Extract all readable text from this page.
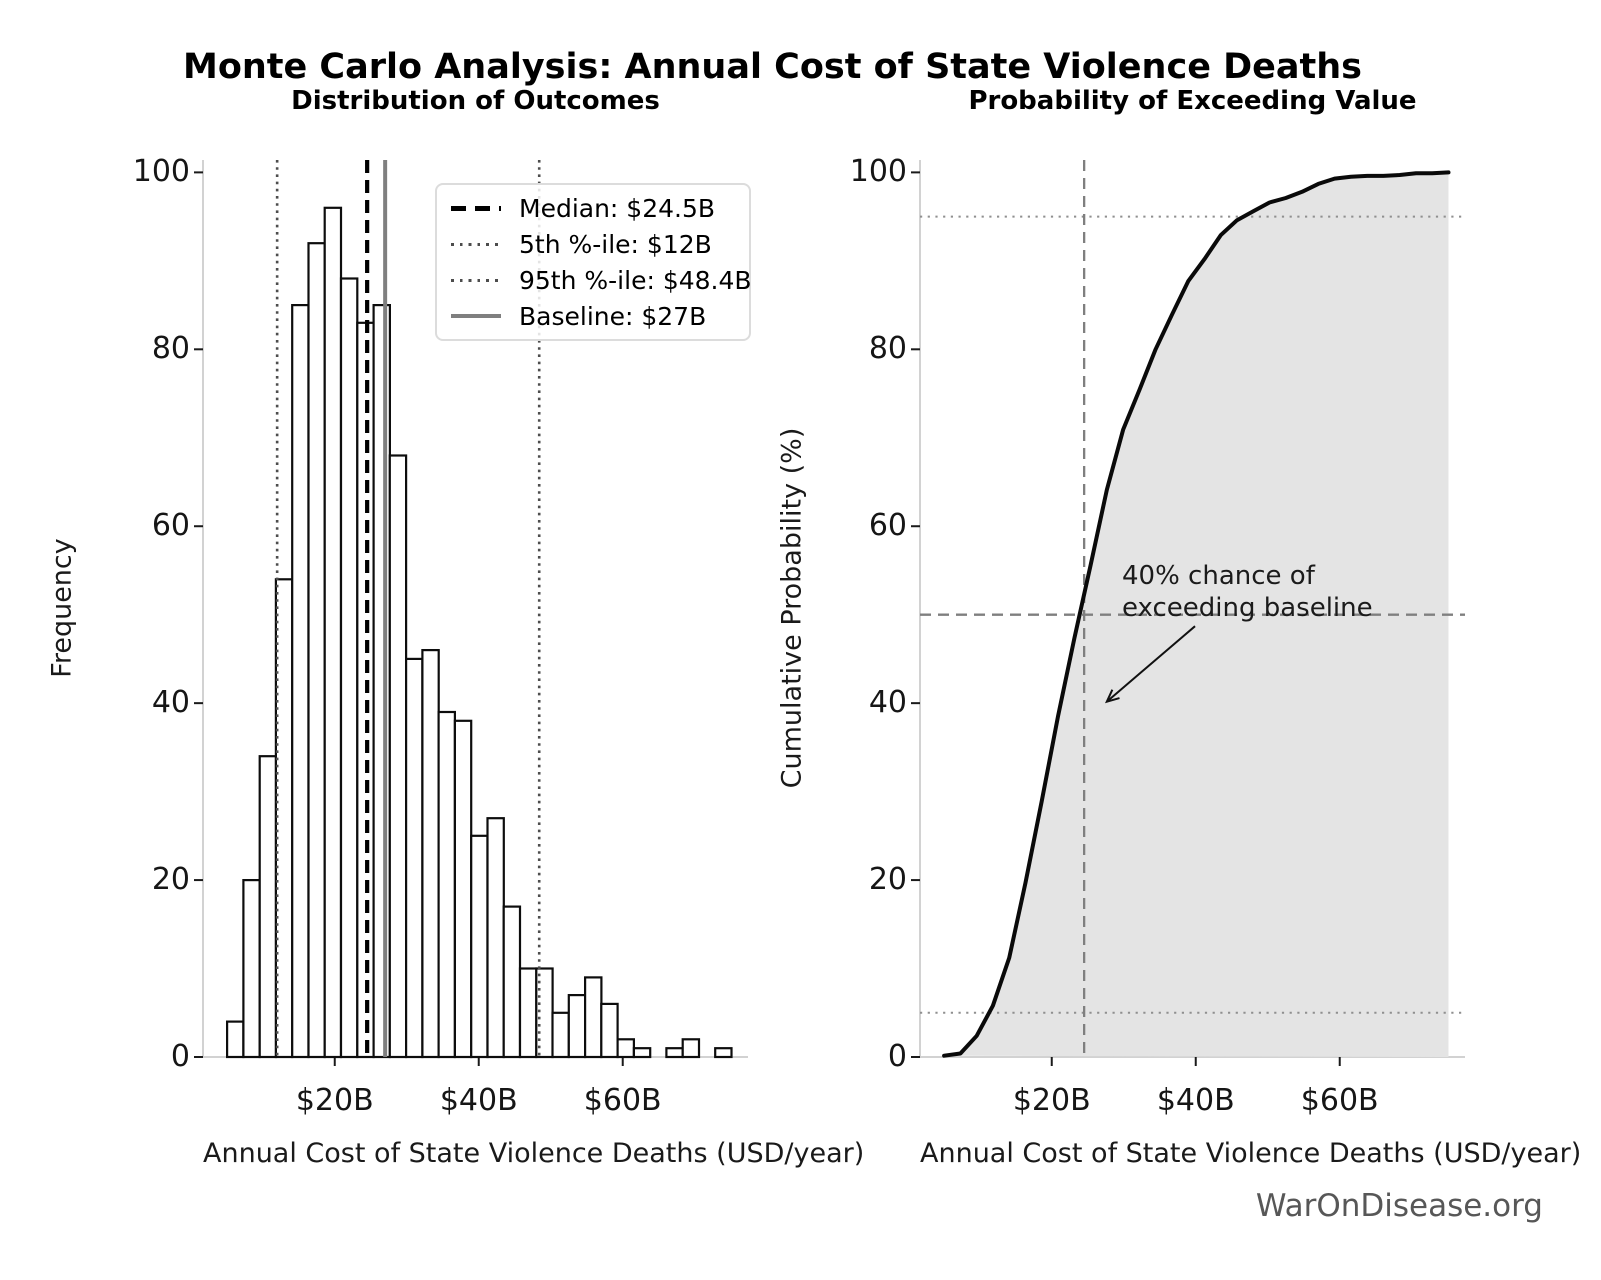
Monte Carlo Analysis: Annual Cost of State Violence Deaths
Distribution of Outcomes	Probability of Exceeding Value
Frequency	Cumulative Probability (%)
Annual Cost of State Violence Deaths (USD/year) Annual Cost of State Violence Deaths (USD/year)
Median: $24.5B
5th %-ile: $12B
95th %-ile: $48.4B
Baseline: $27B
40% chance of
exceeding baseline
WarOnDisease.org
0
20
40
60
80
100
$20B $40B $60B
0
20
40
60
80
100
$20B $40B $60B
